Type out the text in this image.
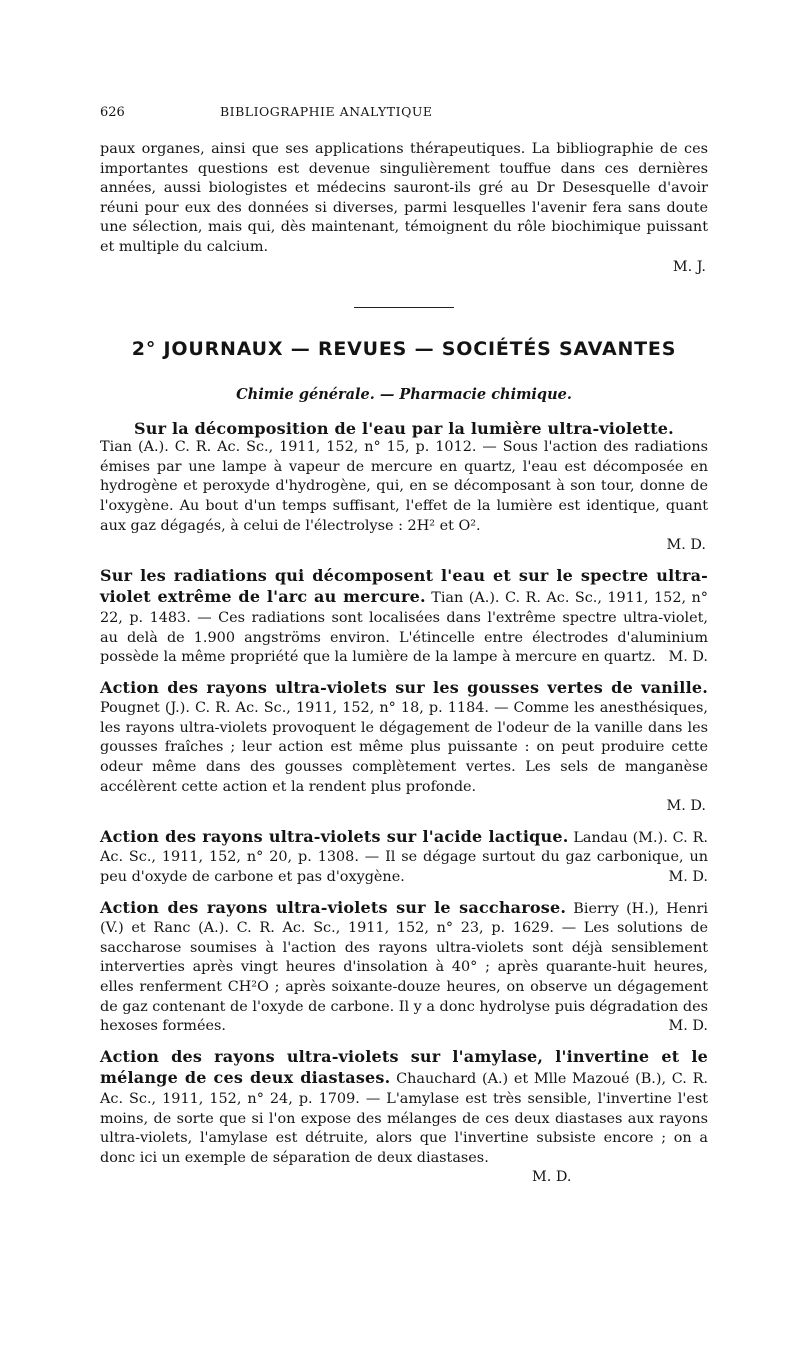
626	BIBLIOGRAPHIE ANALYTIQUE

paux organes, ainsi que ses applications thérapeutiques. La bibliographie de ces importantes questions est devenue singulièrement touffue dans ces dernières années, aussi biologistes et médecins sauront-ils gré au Dr Desesquelle d'avoir réuni pour eux des données si diverses, parmi lesquelles l'avenir fera sans doute une sélection, mais qui, dès maintenant, témoignent du rôle biochimique puissant et multiple du calcium.

M. J.
2° JOURNAUX — REVUES — SOCIÉTÉS SAVANTES
Chimie générale. — Pharmacie chimique.
Sur la décomposition de l'eau par la lumière ultra-violette.

Tian (A.). C. R. Ac. Sc., 1911, 152, n° 15, p. 1012. — Sous l'action des radiations émises par une lampe à vapeur de mercure en quartz, l'eau est décomposée en hydrogène et peroxyde d'hydrogène, qui, en se décomposant à son tour, donne de l'oxygène. Au bout d'un temps suffisant, l'effet de la lumière est identique, quant aux gaz dégagés, à celui de l'électrolyse : 2H² et O².

M. D.

Sur les radiations qui décomposent l'eau et sur le spectre ultra-violet extrême de l'arc au mercure. Tian (A.). C. R. Ac. Sc., 1911, 152, n° 22, p. 1483. — Ces radiations sont localisées dans l'extrême spectre ultra-violet, au delà de 1.900 angströms environ. L'étincelle entre électrodes d'aluminium possède la même propriété que la lumière de la lampe à mercure en quartz. M. D.

Action des rayons ultra-violets sur les gousses vertes de vanille. Pougnet (J.). C. R. Ac. Sc., 1911, 152, n° 18, p. 1184. — Comme les anesthésiques, les rayons ultra-violets provoquent le dégagement de l'odeur de la vanille dans les gousses fraîches ; leur action est même plus puissante : on peut produire cette odeur même dans des gousses complètement vertes. Les sels de manganèse accélèrent cette action et la rendent plus profonde.

M. D.

Action des rayons ultra-violets sur l'acide lactique. Landau (M.). C. R. Ac. Sc., 1911, 152, n° 20, p. 1308. — Il se dégage surtout du gaz carbonique, un peu d'oxyde de carbone et pas d'oxygène.	M. D.

Action des rayons ultra-violets sur le saccharose. Bierry (H.), Henri (V.) et Ranc (A.). C. R. Ac. Sc., 1911, 152, n° 23, p. 1629. — Les solutions de saccharose soumises à l'action des rayons ultra-violets sont déjà sensiblement interverties après vingt heures d'insolation à 40° ; après quarante-huit heures, elles renferment CH²O ; après soixante-douze heures, on observe un dégagement de gaz contenant de l'oxyde de carbone. Il y a donc hydrolyse puis dégradation des hexoses formées.	M. D.

Action des rayons ultra-violets sur l'amylase, l'invertine et le mélange de ces deux diastases. Chauchard (A.) et Mlle Mazoué (B.), C. R. Ac. Sc., 1911, 152, n° 24, p. 1709. — L'amylase est très sensible, l'invertine l'est moins, de sorte que si l'on expose des mélanges de ces deux diastases aux rayons ultra-violets, l'amylase est détruite, alors que l'invertine subsiste encore ; on a donc ici un exemple de séparation de deux diastases.

M. D.
